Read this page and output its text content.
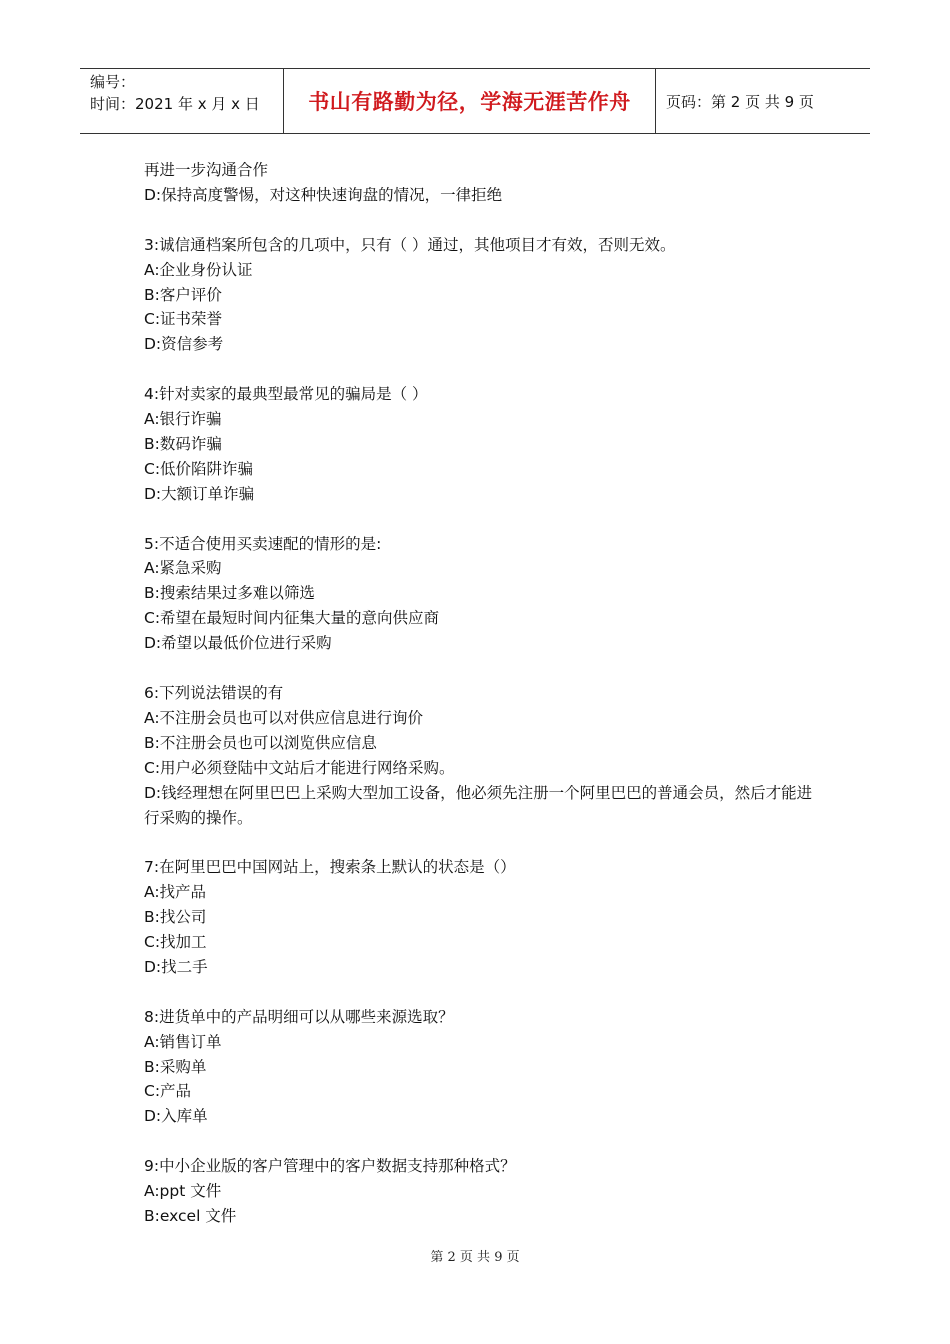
编号：
时间：2021 年 x 月 x 日	书山有路勤为径，学海无涯苦作舟 页码：第 2 页 共 9 页
再进一步沟通合作
D:保持高度警惕，对这种快速询盘的情况，一律拒绝
3:诚信通档案所包含的几项中，只有（ ）通过，其他项目才有效，否则无效。
A:企业身份认证
B:客户评价
C:证书荣誉
D:资信参考
4:针对卖家的最典型最常见的骗局是（ ）
A:银行诈骗
B:数码诈骗
C:低价陷阱诈骗
D:大额订单诈骗
5:不适合使用买卖速配的情形的是:
A:紧急采购
B:搜索结果过多难以筛选
C:希望在最短时间内征集大量的意向供应商
D:希望以最低价位进行采购
6:下列说法错误的有
A:不注册会员也可以对供应信息进行询价
B:不注册会员也可以浏览供应信息
C:用户必须登陆中文站后才能进行网络采购。
D:钱经理想在阿里巴巴上采购大型加工设备，他必须先注册一个阿里巴巴的普通会员，然后才能进行采购的操作。
7:在阿里巴巴中国网站上，搜索条上默认的状态是（）
A:找产品
B:找公司
C:找加工
D:找二手
8:进货单中的产品明细可以从哪些来源选取？
A:销售订单
B:采购单
C:产品
D:入库单
9:中小企业版的客户管理中的客户数据支持那种格式？
A:ppt 文件
B:excel 文件
第 2 页 共 9 页
